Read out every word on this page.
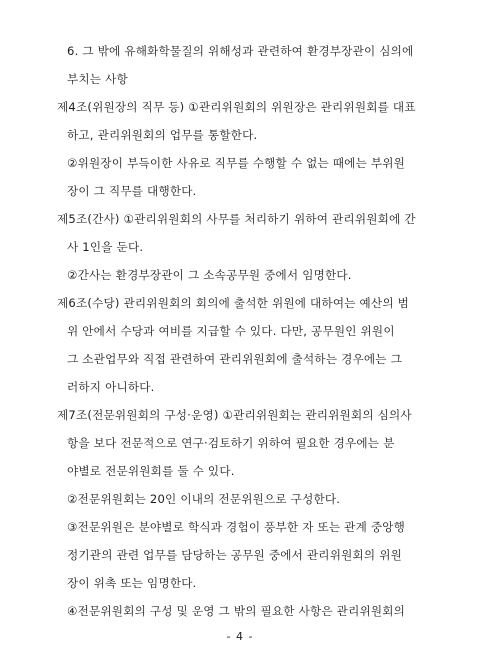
6. 그 밖에 유해화학물질의 위해성과 관련하여 환경부장관이 심의에
부치는 사항
제4조(위원장의 직무 등) ①관리위원회의 위원장은 관리위원회를 대표
하고, 관리위원회의 업무를 통할한다.
②위원장이 부득이한 사유로 직무를 수행할 수 없는 때에는 부위원
장이 그 직무를 대행한다.
제5조(간사) ①관리위원회의 사무를 처리하기 위하여 관리위원회에 간
사 1인을 둔다.
②간사는 환경부장관이 그 소속공무원 중에서 임명한다.
제6조(수당) 관리위원회의 회의에 출석한 위원에 대하여는 예산의 범
위 안에서 수당과 여비를 지급할 수 있다. 다만, 공무원인 위원이
그 소관업무와 직접 관련하여 관리위원회에 출석하는 경우에는 그
러하지 아니하다.
제7조(전문위원회의 구성·운영) ①관리위원회는 관리위원회의 심의사
항을 보다 전문적으로 연구·검토하기 위하여 필요한 경우에는 분
야별로 전문위원회를 둘 수 있다.
②전문위원회는 20인 이내의 전문위원으로 구성한다.
③전문위원은 분야별로 학식과 경험이 풍부한 자 또는 관계 중앙행
정기관의 관련 업무를 담당하는 공무원 중에서 관리위원회의 위원
장이 위촉 또는 임명한다.
④전문위원회의 구성 및 운영 그 밖의 필요한 사항은 관리위원회의
- 4 -
